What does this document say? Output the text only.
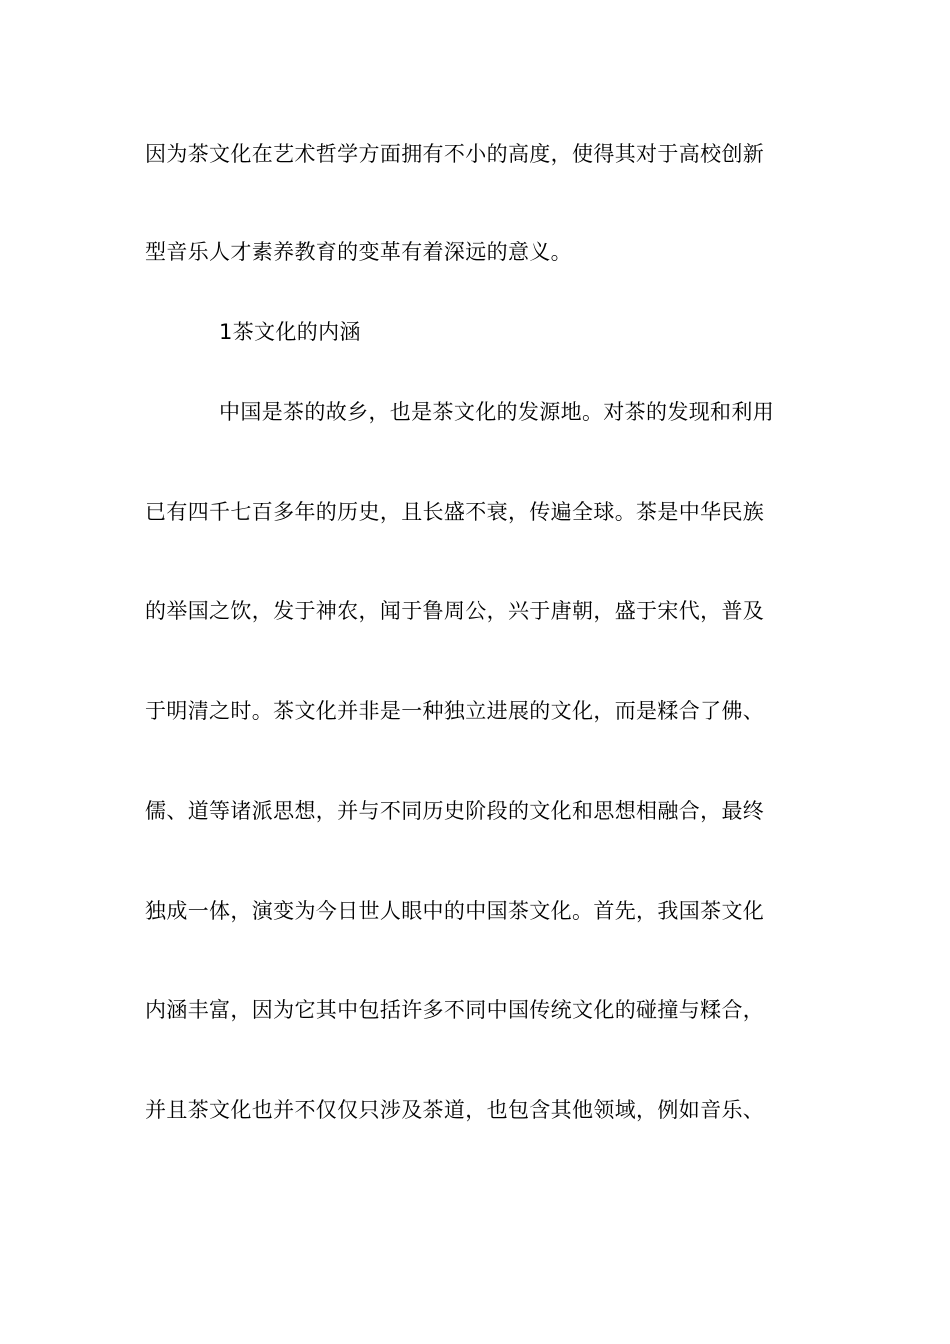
因为茶文化在艺术哲学方面拥有不小的高度，使得其对于高校创新
型音乐人才素养教育的变革有着深远的意义。
1茶文化的内涵
中国是茶的故乡，也是茶文化的发源地。对茶的发现和利用
已有四千七百多年的历史，且长盛不衰，传遍全球。茶是中华民族
的举国之饮，发于神农，闻于鲁周公，兴于唐朝，盛于宋代，普及
于明清之时。茶文化并非是一种独立进展的文化，而是糅合了佛、
儒、道等诸派思想，并与不同历史阶段的文化和思想相融合，最终
独成一体，演变为今日世人眼中的中国茶文化。首先，我国茶文化
内涵丰富，因为它其中包括许多不同中国传统文化的碰撞与糅合，
并且茶文化也并不仅仅只涉及茶道，也包含其他领域，例如音乐、
